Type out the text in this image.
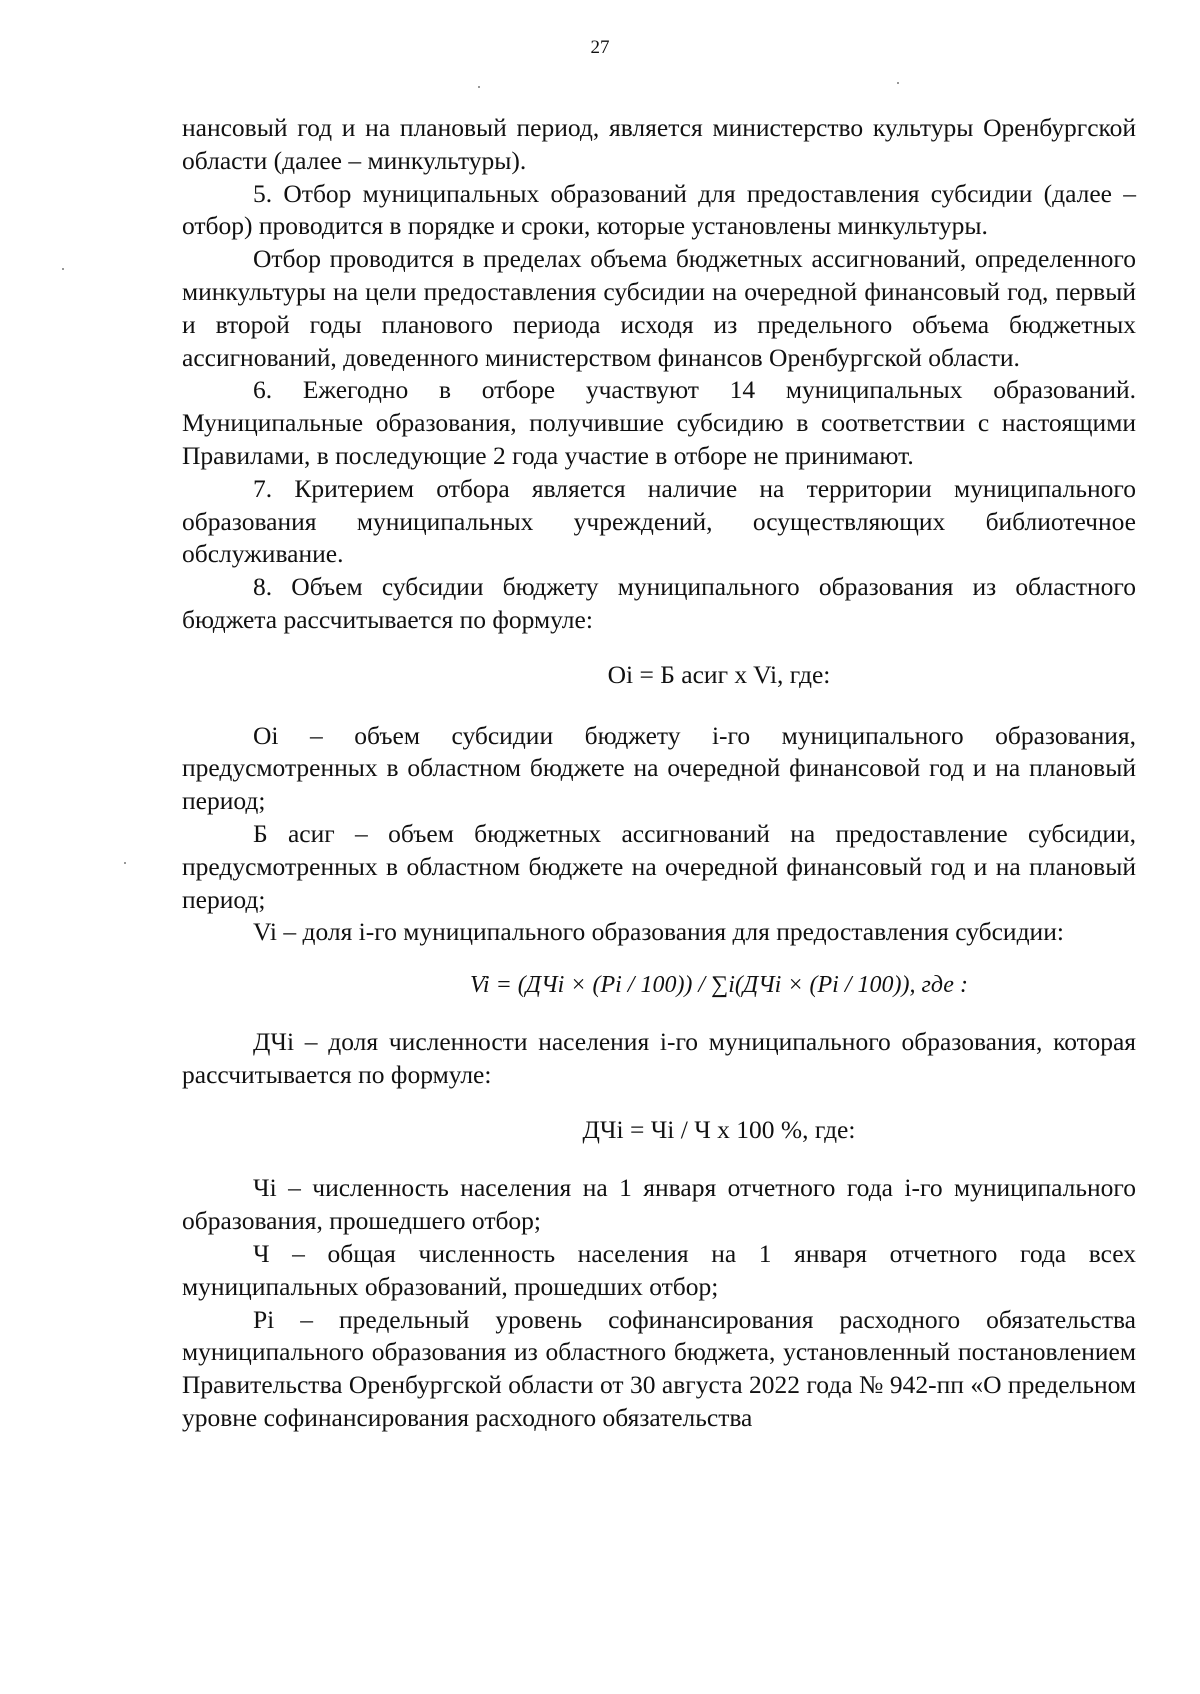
27

нансовый год и на плановый период, является министерство культуры Оренбургской области (далее – минкультуры).

5. Отбор муниципальных образований для предоставления субсидии (далее – отбор) проводится в порядке и сроки, которые установлены минкультуры.

Отбор проводится в пределах объема бюджетных ассигнований, определенного минкультуры на цели предоставления субсидии на очередной финансовый год, первый и второй годы планового периода исходя из предельного объема бюджетных ассигнований, доведенного министерством финансов Оренбургской области.

6. Ежегодно в отборе участвуют 14 муниципальных образований. Муниципальные образования, получившие субсидию в соответствии с настоящими Правилами, в последующие 2 года участие в отборе не принимают.

7. Критерием отбора является наличие на территории муниципального образования муниципальных учреждений, осуществляющих библиотечное обслуживание.

8. Объем субсидии бюджету муниципального образования из областного бюджета рассчитывается по формуле:

Oi = Б асиг x Vi, где:

Oi – объем субсидии бюджету i-го муниципального образования, предусмотренных в областном бюджете на очередной финансовой год и на плановый период;

Б асиг – объем бюджетных ассигнований на предоставление субсидии, предусмотренных в областном бюджете на очередной финансовый год и на плановый период;

Vi – доля i-го муниципального образования для предоставления субсидии:

Vi = (ДЧi × (Pi / 100)) / ∑i(ДЧi × (Pi / 100)), где :

ДЧi – доля численности населения i-го муниципального образования, которая рассчитывается по формуле:

ДЧi = Чi / Ч x 100 %, где:

Чi – численность населения на 1 января отчетного года i-го муниципального образования, прошедшего отбор;

Ч – общая численность населения на 1 января отчетного года всех муниципальных образований, прошедших отбор;

Pi – предельный уровень софинансирования расходного обязательства муниципального образования из областного бюджета, установленный постановлением Правительства Оренбургской области от 30 августа 2022 года № 942-пп «О предельном уровне софинансирования расходного обязательства
